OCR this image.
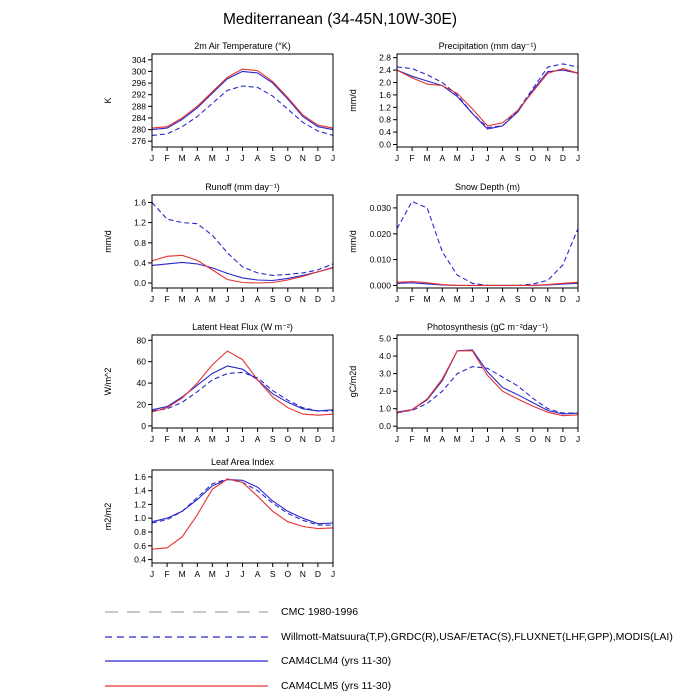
Mediterranean (34-45N,10W-30E)
2m Air Temperature (°K)
K
276
280
284
288
292
296
300
304
J F M A M J J A S O N D J
Precipitation (mm day⁻¹)
mm/d
0.0
0.4
0.8
1.2
1.6
2.0
2.4
2.8
J F M A M J J A S O N D J
Runoff (mm day⁻¹)
mm/d
0.0
0.4
0.8
1.2
1.6
J F M A M J J A S O N D J
Snow Depth (m)
mm/d
0.000
0.010
0.020
0.030
J F M A M J J A S O N D J
Latent Heat Flux (W m⁻²)
W/m^2
0
20
40
60
80
J F M A M J J A S O N D J
Photosynthesis (gC m⁻²day⁻¹)
gC/m2d
0.0
1.0
2.0
3.0
4.0
5.0
J F M A M J J A S O N D J
Leaf Area Index
m2/m2
0.4
0.6
0.8
1.0
1.2
1.4
1.6
J F M A M J J A S O N D J
CMC 1980-1996
Willmott-Matsuura(T,P),GRDC(R),USAF/ETAC(S),FLUXNET(LHF,GPP),MODIS(LAI)
CAM4CLM4 (yrs 11-30)
CAM4CLM5 (yrs 11-30)
